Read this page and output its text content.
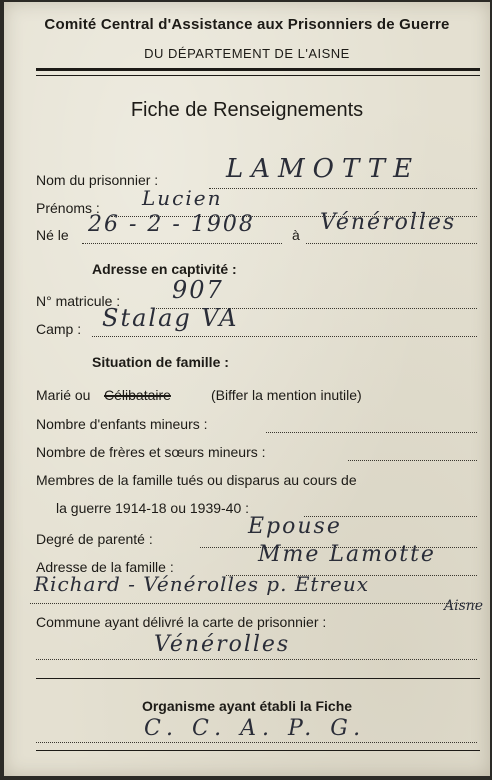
Comité Central d'Assistance aux Prisonniers de Guerre
DU DÉPARTEMENT DE L'AISNE
Fiche de Renseignements
Nom du prisonnier :	LAMOTTE
Prénoms : Lucien
Né le 26 - 2 - 1908	à Vénérolles
Adresse en captivité :
N° matricule : 907
Camp : Stalag VA
Situation de famille :
Marié ou Célibataire	(Biffer la mention inutile)
Nombre d'enfants mineurs :
Nombre de frères et sœurs mineurs :
Membres de la famille tués ou disparus au cours de
la guerre 1914-18 ou 1939-40 :
Degré de parenté :	Epouse
Adresse de la famille :	Mme Lamotte
Richard - Vénérolles p. Etreux
Commune ayant délivré la carte de prisonnier :
Aisne
Vénérolles
Organisme ayant établi la Fiche
C. C. A. P. G.
